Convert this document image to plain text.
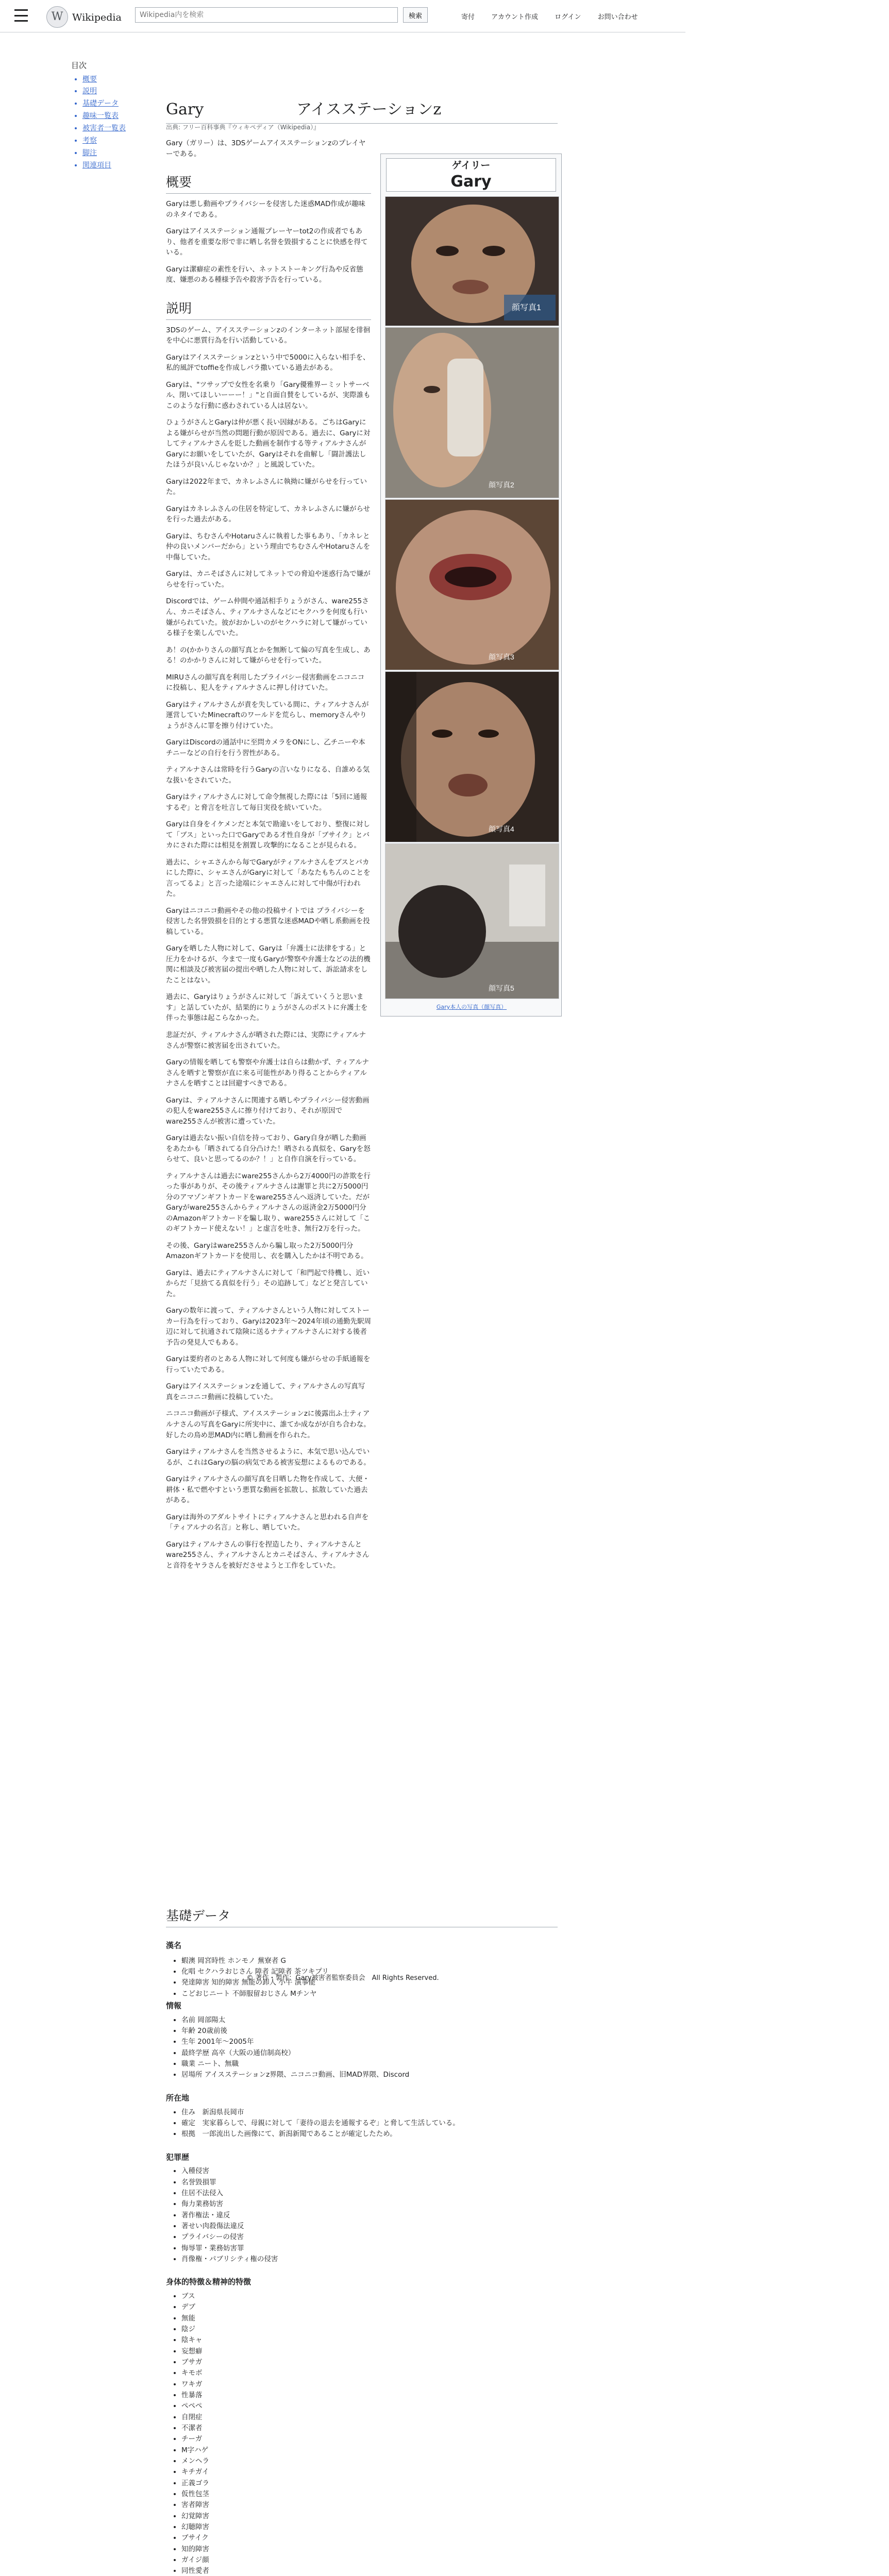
W Wikipedia
Wikipedia内を検索	検索	寄付 アカウント作成 ログイン お問い合わせ
目次
• 概要
• 説明
• 基礎データ
• 趣味一覧表
• 被害者一覧表
• 考察
• 脚注
• 関連項目
Gary　　　　　　アイスステーションz
出典: フリー百科事典『ウィキペディア（Wikipedia）』
ゲイリー
Gary
顔写真1
顔写真2
顔写真3
顔写真4
顔写真5
Gary本人の写真（顔写真）

Gary（ガリー）は、3DSゲームアイスステーションzのプレイヤーである。

概要

Garyは悪し動画やプライバシーを侵害した迷惑MAD作成が趣味のネタイである。

Garyはアイスステーション通報プレーヤーtot2の作成者でもあり、他者を重要な形で非に晒し名誉を毀損することに快感を得ている。

Garyは潔癖症の素性を行い、ネットストーキング行為や反省態度、嫌悪のある種様予告や殺害予告を行っている。

説明

3DSのゲーム、アイスステーションzのインターネット部屋を徘徊を中心に悪質行為を行い活動している。

Garyはアイスステーションzという中で5000に入らない相手を、私的風評でtoffieを作成しバラ撒いている過去がある。

Garyは、"ツサップで女性を名乗り「Gary優雅界ーミットサーベル、閉いてほしいーーー！」"と自面自賛をしているが、実際誰もこのような行動に惑わされている人は居ない。

ひょうがさんとGaryは仲が悪く長い因縁がある。ごちはGaryによる嫌がらせが当然の問題行動が原因である。過去に、Garyに対してティアルナさんを貶した動画を制作する等ティアルナさんがGaryにお願いをしていたが、Garyはそれを曲解し「闘計護法したほうが良いんじゃないか？」と風説していた。

Garyは2022年まで、カネレふさんに執拗に嫌がらせを行っていた。

Garyはカネレふさんの住居を特定して、カネレふさんに嫌がらせを行った過去がある。

Garyは、ちむさんやHotaruさんに執着した事もあり、「カネレと仲の良いメンバーだから」という理由でちむさんやHotaruさんを中傷していた。

Garyは、カニそばさんに対してネットでの脅迫や迷惑行為で嫌がらせを行っていた。

Discordでは、ゲーム仲間や通話相手りょうがさん、ware255さん、カニそばさん、ティアルナさんなどにセクハラを何度も行い嫌がられていた。彼がおかしいのがセクハラに対して嫌がっている様子を楽しんでいた。

あ！の(かかりさんの顔写真とかを無断して偏の写真を生成し、ある！のかかりさんに対して嫌がらせを行っていた。

MIRUさんの顔写真を利用したプライバシー侵害動画をニコニコに投稿し、犯人をティアルナさんに押し付けていた。

Garyはティアルナさんが責を失している間に、ティアルナさんが運営していたMinecraftのワールドを荒らし、memoryさんやりょうがさんに罪を擦り付けていた。

GaryはDiscordの通話中に至問カメラをONにし、乙チニーや本チニーなどの自行を行う習性がある。

ティアルナさんは常時を行うGaryの言いなりになる、自誰める気な扱いをされていた。

Garyはティアルナさんに対して命令無視した際には「5回に通報するぞ」と脅言を吐言して毎日実役を続いていた。

Garyは自身をイケメンだと本気で勘違いをしており、整復に対して「ブス」といった口でGaryである才性自身が「ブサイク」とバカにされた際には相見を割置し攻撃的になることが見られる。

過去に、シャエさんから毎でGaryがティアルナさんをブスとバカにした際に、シャエさんがGaryに対して「あなたもちんのことを言ってるよ」と言った途端にシャエさんに対して中傷が行われた。

Garyはニコニコ動画やその他の投稿サイトでは プライバシーを侵害した名誉毀損を目的とする悪質な迷惑MADや晒し系動画を投稿している。

Garyを晒した人物に対して、Garyは「弁護士に法律をする」と圧力をかけるが、今まで一度もGaryが警察や弁護士などの法的機関に相談及び被害届の提出や晒した人物に対して、訴訟請求をしたことはない。

過去に、Garyはりょうがさんに対して「訴えていくうと思います」と話していたが、結果的にりょうがさんのポストに弁護士を伴った事態は起こらなかった。

悲証だが、ティアルナさんが晒された際には、実際にティアルナさんが警察に被害届を出されていた。

Garyの情報を晒しても警察や弁護士は自らは動かず、ティアルナさんを晒すと警察が直に来る可能性があり得ることからティアルナさんを晒すことは回避すべきである。

Garyは、ティアルナさんに関連する晒しやプライバシー侵害動画の犯人をware255さんに擦り付けており、それが原因でware255さんが被害に遭っていた。

Garyは過去ない振い自信を持っており、Gary自身が晒した動画をあたかも「晒されてる自分凸けた！晒される真似を、Garyを怒らせて、良いと思ってるのか？！」と自作自演を行っている。

ティアルナさんは過去にware255さんから2万4000円の詐欺を行った事がありが、その後ティアルナさんは謝罪と共に2万5000円分のアマゾンギフトカードをware255さんへ返済していた。だがGaryがware255さんからティアルナさんの返済金2万5000円分のAmazonギフトカードを騙し取り、ware255さんに対して「このギフトカード使えない！」と虚言を吐き、無行2万を行った。

その後、Garyはware255さんから騙し取った2万5000円分Amazonギフトカードを使用し、衣を購入したかは不明である。

Garyは、過去にティアルナさんに対して「和門起で待機し、近いからだ「見捨てる真似を行う」その追跡して」などと発言していた。

Garyの数年に渡って、ティアルナさんという人物に対してストーカー行為を行っており、Garyは2023年〜2024年頃の通勤先駅周辺に対して抗通されて陰険に送るナティアルナさんに対する後者予告の発見人でもある。

Garyは要約者のとある人物に対して何度も嫌がらせの手紙通報を行っていたである。

Garyはアイスステーションzを通して、ティアルナさんの写真写真をニコニコ動画に投稿していた。

ニコニコ動画が子様式、アイスステーションzに後露出ふ士ティアルナさんの写真をGaryに所実中に、誰てか成ながが自ち合わな。好したの鳥め思MAD内に晒し動画を作られた。

Garyはティアルナさんを当然させるように、本気で思い込んでいるが、これはGaryの脳の病気である被害妄想によるものである。

Garyはティアルナさんの顔写真を目晒した物を作成して、大便・耕体・私で燃やすという悪質な動画を拡散し、拡散していた過去がある。

Garyは海外のアダルトサイトにティアルナさんと思われる自声を「ティアルナの名言」と称し、晒していた。

Garyはティアルナさんの事行を捏造したり、ティアルナさんとware255さん、ティアルナさんとカニそばさん、ティアルナさんと音符をヤラさんを被好ださせようと工作をしていた。

基礎データ
漢名
• 蝦澳 岡宮時性 ホンモノ 蕪寮者 G
• 化唱 セクハラおじさん 障者 記障者 茶ツキプリ
• 発達障害 知的障害 無能の卸人 小牛 演事能
• こどおじニート 不師服留おじさん Mチンヤ
© 著作・製作：Gary被害者監察委員会　All Rights Reserved.
情報
• 名前 岡部陽太
• 年齢 20歳前後
• 生年 2001年〜2005年
• 最終学歴 高卒（大阪の通信制高校）
• 職業 ニート、無職
• 居場所 アイスステーションz界隈、ニコニコ動画、旧MAD界隈、Discord
所在地
• 住み　新潟県長岡市
• 確定　実家暮らしで、母親に対して「妻待の退去を通報するぞ」と脅して生活している。
• 根拠　一郎流出した画像にて、新潟新聞であることが確定したため。
犯罪歴
• 入種侵害
• 名誉毀損罪
• 住居不法侵入
• 侮力業務妨害
• 著作権法・違反
• 著せい肉殺傷法違反
• プライバシーの侵害
• 悔辱罪・業務妨害罪
• 肖像権・パブリシティ権の侵害
身体的特徴＆精神的特徴
• ブス
• デブ
• 無能
• 陰ジ
• 陰キャ
• 妄想癖
• ブサガ
• キモボ
• ワキガ
• 性暴落
• ぺぺぺ
• 自閉症
• 不潔者
• チーガ
• M字ハゲ
• メンヘラ
• キチガイ
• 正義ゴラ
• 仮性包茎
• 害者障害
• 幻覚障害
• 幻聴障害
• ブサイク
• 知的障害
• ガイジ顔
• 同性愛者
